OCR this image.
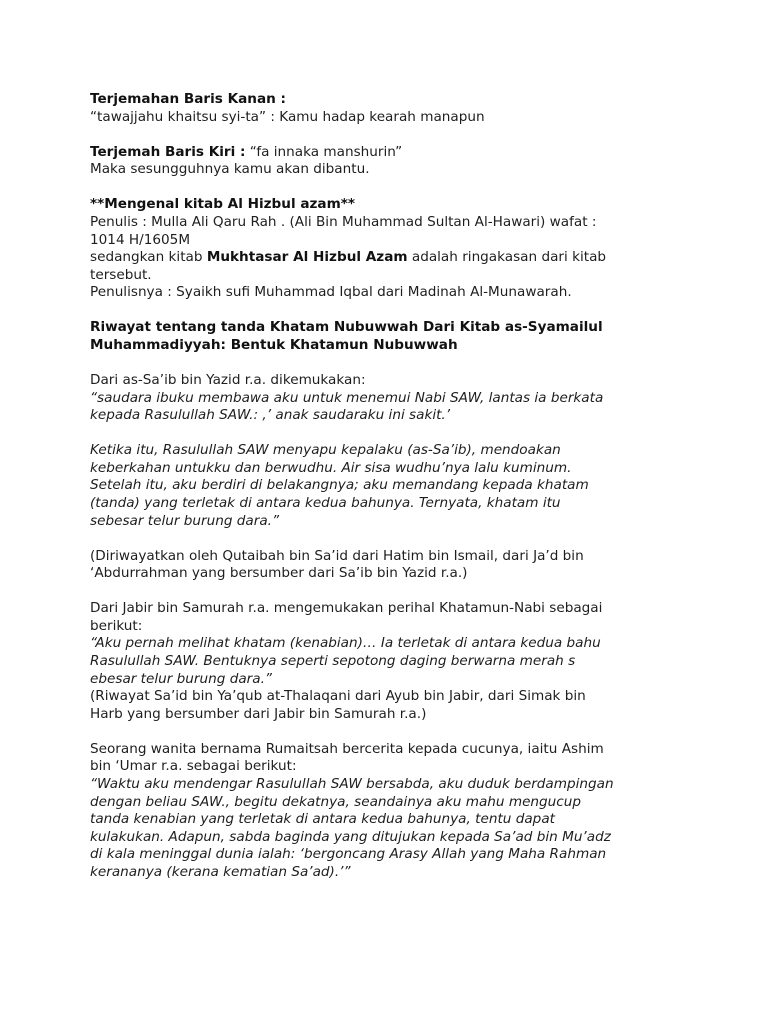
Terjemahan Baris Kanan :
“tawajjahu khaitsu syi-ta” : Kamu hadap kearah manapun
Terjemah Baris Kiri : “fa innaka manshurin”
Maka sesungguhnya kamu akan dibantu.
**Mengenal kitab Al Hizbul azam**
Penulis : Mulla Ali Qaru Rah . (Ali Bin Muhammad Sultan Al-Hawari) wafat :
1014 H/1605M
sedangkan kitab Mukhtasar Al Hizbul Azam adalah ringakasan dari kitab
tersebut.
Penulisnya : Syaikh sufi Muhammad Iqbal dari Madinah Al-Munawarah.
Riwayat tentang tanda Khatam Nubuwwah Dari Kitab as-Syamailul
Muhammadiyyah: Bentuk Khatamun Nubuwwah
Dari as-Sa’ib bin Yazid r.a. dikemukakan:
“saudara ibuku membawa aku untuk menemui Nabi SAW, lantas ia berkata
kepada Rasulullah SAW.: ,’ anak saudaraku ini sakit.’
Ketika itu, Rasulullah SAW menyapu kepalaku (as-Sa’ib), mendoakan
keberkahan untukku dan berwudhu. Air sisa wudhu’nya lalu kuminum.
Setelah itu, aku berdiri di belakangnya; aku memandang kepada khatam
(tanda) yang terletak di antara kedua bahunya. Ternyata, khatam itu
sebesar telur burung dara.”
(Diriwayatkan oleh Qutaibah bin Sa’id dari Hatim bin Ismail, dari Ja’d bin
‘Abdurrahman yang bersumber dari Sa’ib bin Yazid r.a.)
Dari Jabir bin Samurah r.a. mengemukakan perihal Khatamun-Nabi sebagai
berikut:
“Aku pernah melihat khatam (kenabian)… Ia terletak di antara kedua bahu
Rasulullah SAW. Bentuknya seperti sepotong daging berwarna merah s
ebesar telur burung dara.”
(Riwayat Sa’id bin Ya’qub at-Thalaqani dari Ayub bin Jabir, dari Simak bin
Harb yang bersumber dari Jabir bin Samurah r.a.)
Seorang wanita bernama Rumaitsah bercerita kepada cucunya, iaitu Ashim
bin ‘Umar r.a. sebagai berikut:
“Waktu aku mendengar Rasulullah SAW bersabda, aku duduk berdampingan
dengan beliau SAW., begitu dekatnya, seandainya aku mahu mengucup
tanda kenabian yang terletak di antara kedua bahunya, tentu dapat
kulakukan. Adapun, sabda baginda yang ditujukan kepada Sa’ad bin Mu’adz
di kala meninggal dunia ialah: ‘bergoncang Arasy Allah yang Maha Rahman
kerananya (kerana kematian Sa’ad).’”
